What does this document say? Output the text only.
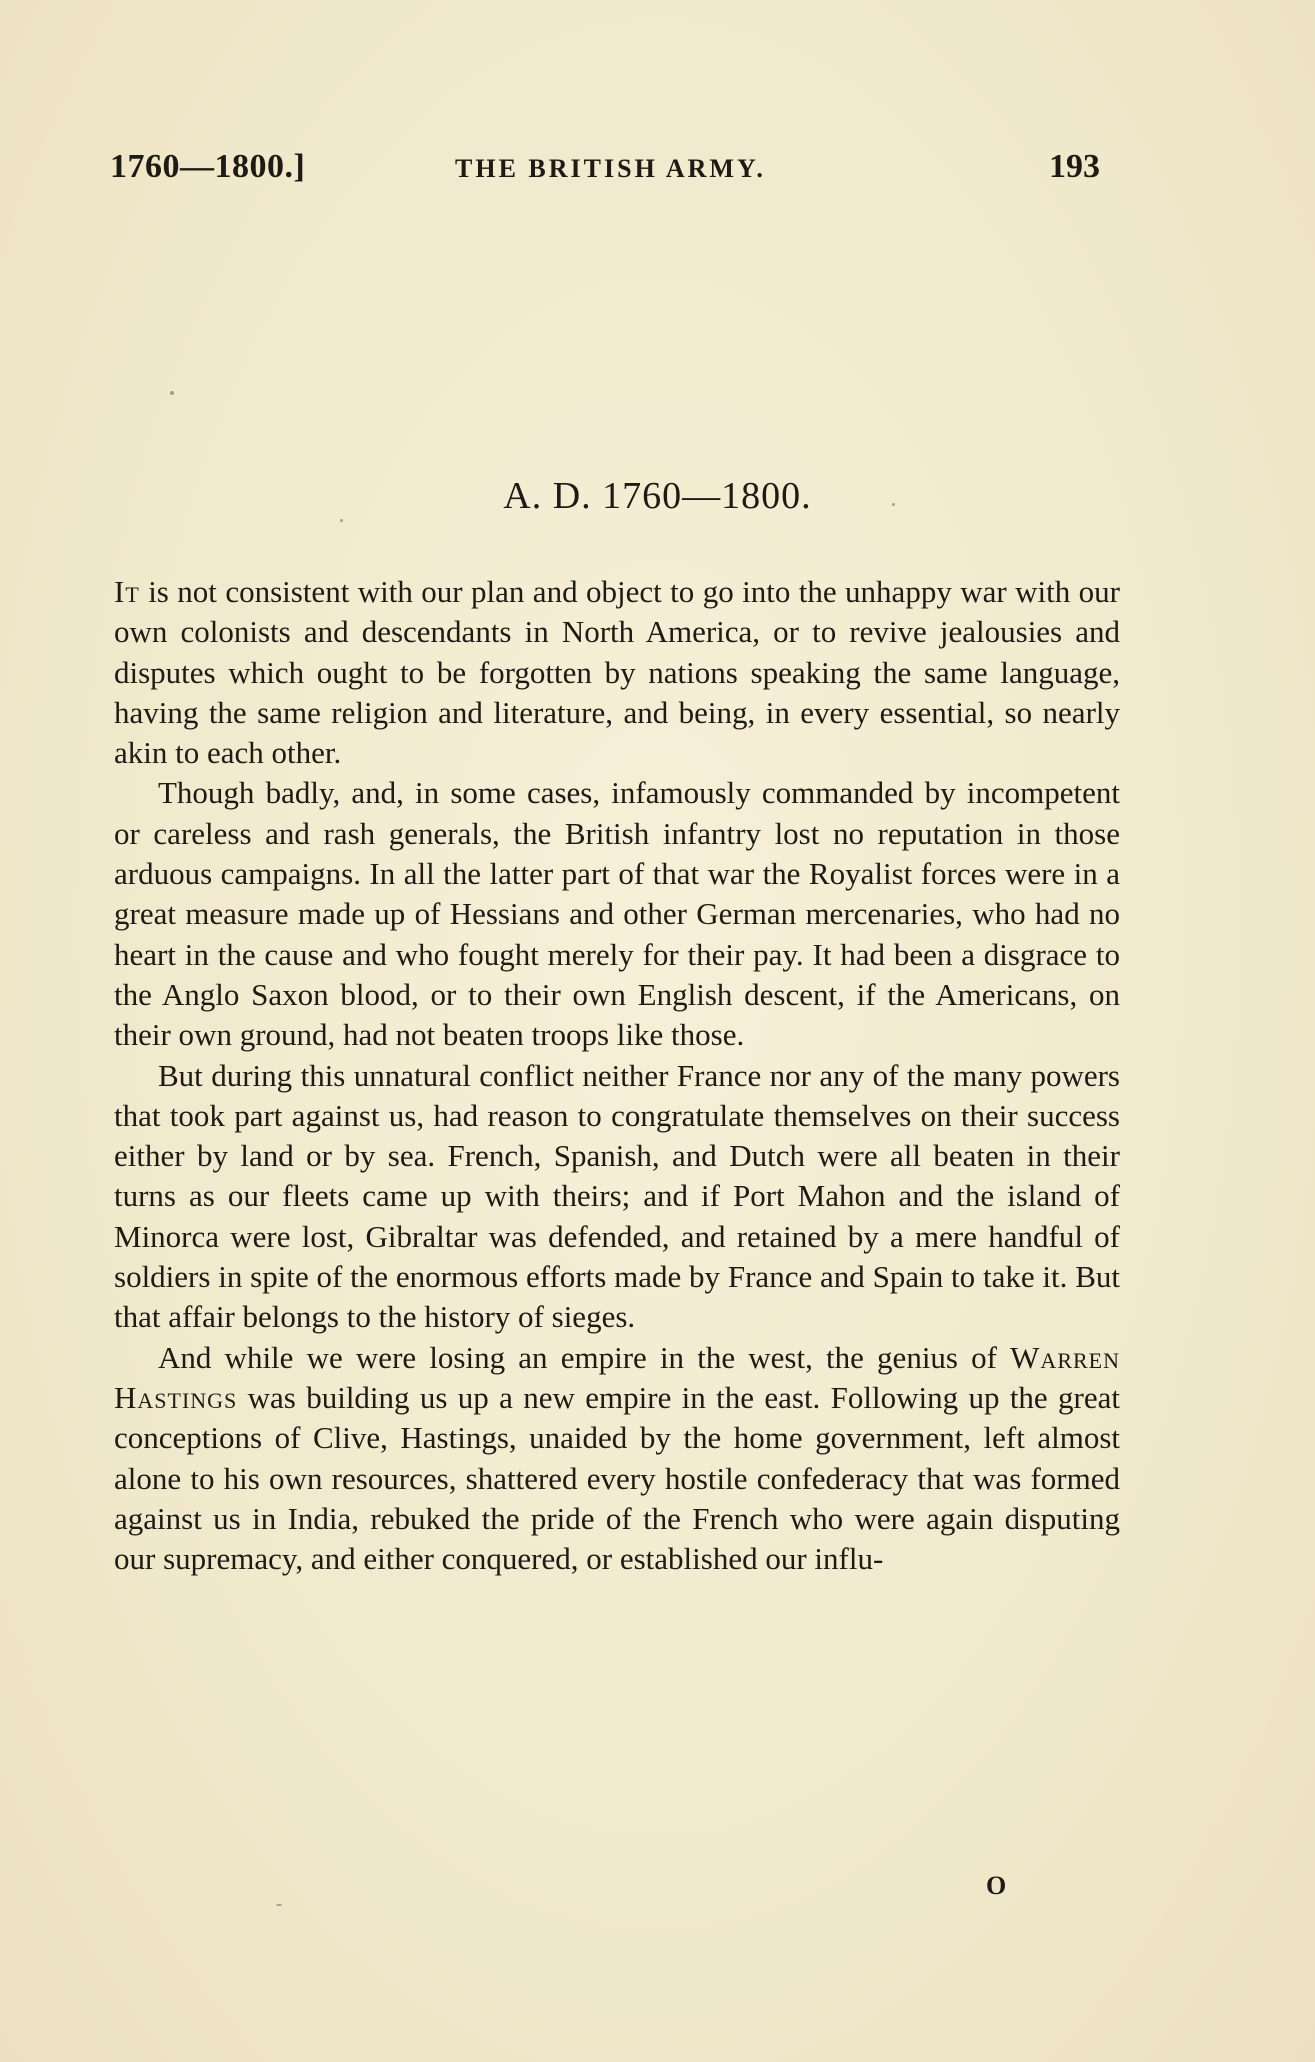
1760—1800.]	THE BRITISH ARMY.	193
A. D. 1760—1800.

It is not consistent with our plan and object to go into the unhappy war with our own colonists and descendants in North America, or to revive jealousies and disputes which ought to be forgotten by nations speaking the same language, having the same religion and literature, and being, in every essential, so nearly akin to each other.

Though badly, and, in some cases, infamously commanded by incompetent or careless and rash generals, the British infantry lost no reputation in those arduous campaigns. In all the latter part of that war the Royalist forces were in a great measure made up of Hessians and other German mercenaries, who had no heart in the cause and who fought merely for their pay. It had been a disgrace to the Anglo Saxon blood, or to their own English descent, if the Americans, on their own ground, had not beaten troops like those.

But during this unnatural conflict neither France nor any of the many powers that took part against us, had reason to congratulate themselves on their success either by land or by sea. French, Spanish, and Dutch were all beaten in their turns as our fleets came up with theirs; and if Port Mahon and the island of Minorca were lost, Gibraltar was defended, and retained by a mere handful of soldiers in spite of the enormous efforts made by France and Spain to take it. But that affair belongs to the history of sieges.

And while we were losing an empire in the west, the genius of Warren Hastings was building us up a new empire in the east. Following up the great conceptions of Clive, Hastings, unaided by the home government, left almost alone to his own resources, shattered every hostile confederacy that was formed against us in India, rebuked the pride of the French who were again disputing our supremacy, and either conquered, or established our influ-

O
